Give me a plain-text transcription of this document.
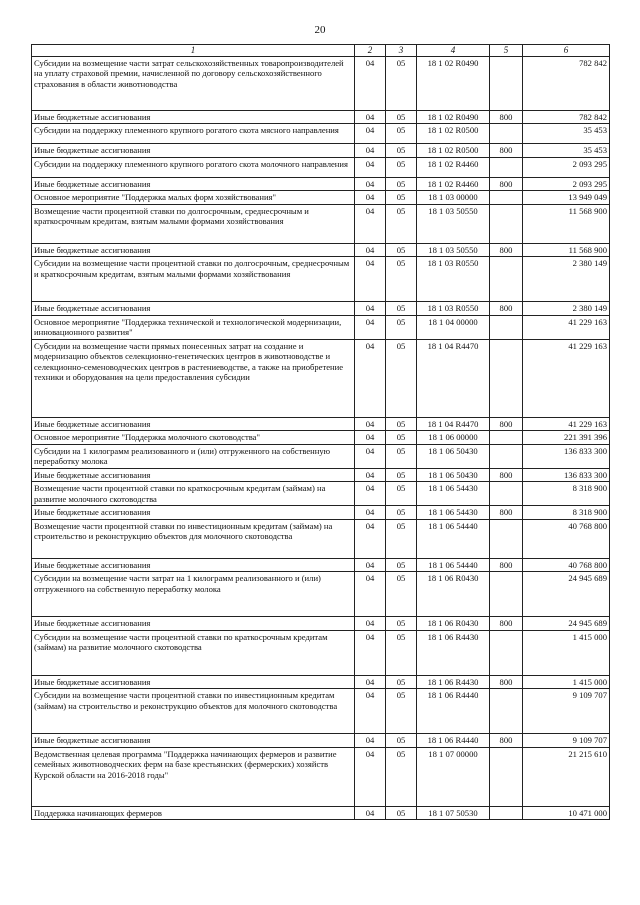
20
1	2	3	4	5	6
Субсидии на возмещение части затрат сельскохозяйственных товаропроизводителей на уплату страховой премии, начисленной по договору сельскохозяйственного страхования в области животноводства	04	05	18 1 02 R0490		782 842
Иные бюджетные ассигнования	04	05	18 1 02 R0490	800	782 842
Субсидии на поддержку племенного крупного рогатого скота мясного направления	04	05	18 1 02 R0500		35 453
Иные бюджетные ассигнования	04	05	18 1 02 R0500	800	35 453
Субсидии на поддержку племенного крупного рогатого скота молочного направления	04	05	18 1 02 R4460		2 093 295
Иные бюджетные ассигнования	04	05	18 1 02 R4460	800	2 093 295
Основное мероприятие "Поддержка малых форм хозяйствования"	04	05	18 1 03 00000		13 949 049
Возмещение части процентной ставки по долгосрочным, среднесрочным и краткосрочным кредитам, взятым малыми формами хозяйствования	04	05	18 1 03 50550		11 568 900
Иные бюджетные ассигнования	04	05	18 1 03 50550	800	11 568 900
Субсидии на возмещение части процентной ставки по долгосрочным, среднесрочным и краткосрочным кредитам, взятым малыми формами хозяйствования	04	05	18 1 03 R0550		2 380 149
Иные бюджетные ассигнования	04	05	18 1 03 R0550	800	2 380 149
Основное мероприятие "Поддержка технической и технологической модернизации, инновационного развития"	04	05	18 1 04 00000		41 229 163
Субсидии на возмещение части прямых понесенных затрат на создание и модернизацию объектов селекционно-генетических центров в животноводстве и селекционно-семеноводческих центров в растениеводстве, а также на приобретение техники и оборудования на цели предоставления субсидии	04	05	18 1 04 R4470		41 229 163
Иные бюджетные ассигнования	04	05	18 1 04 R4470	800	41 229 163
Основное мероприятие "Поддержка молочного скотоводства"	04	05	18 1 06 00000		221 391 396
Субсидии на 1 килограмм реализованного и (или) отгруженного на собственную переработку молока	04	05	18 1 06 50430		136 833 300
Иные бюджетные ассигнования	04	05	18 1 06 50430	800	136 833 300
Возмещение части процентной ставки по краткосрочным кредитам (займам) на развитие молочного скотоводства	04	05	18 1 06 54430		8 318 900
Иные бюджетные ассигнования	04	05	18 1 06 54430	800	8 318 900
Возмещение части процентной ставки по инвестиционным кредитам (займам) на строительство и реконструкцию объектов для молочного скотоводства	04	05	18 1 06 54440		40 768 800
Иные бюджетные ассигнования	04	05	18 1 06 54440	800	40 768 800
Субсидии на возмещение части затрат на 1 килограмм реализованного и (или) отгруженного на собственную переработку молока	04	05	18 1 06 R0430		24 945 689
Иные бюджетные ассигнования	04	05	18 1 06 R0430	800	24 945 689
Субсидии на возмещение части процентной ставки по краткосрочным кредитам (займам) на развитие молочного скотоводства	04	05	18 1 06 R4430		1 415 000
Иные бюджетные ассигнования	04	05	18 1 06 R4430	800	1 415 000
Субсидии на возмещение части процентной ставки по инвестиционным кредитам (займам) на строительство и реконструкцию объектов для молочного скотоводства	04	05	18 1 06 R4440		9 109 707
Иные бюджетные ассигнования	04	05	18 1 06 R4440	800	9 109 707
Ведомственная целевая программа "Поддержка начинающих фермеров и развитие семейных животноводческих ферм на базе крестьянских (фермерских) хозяйств Курской области на 2016-2018 годы"	04	05	18 1 07 00000		21 215 610
Поддержка начинающих фермеров	04	05	18 1 07 50530		10 471 000
